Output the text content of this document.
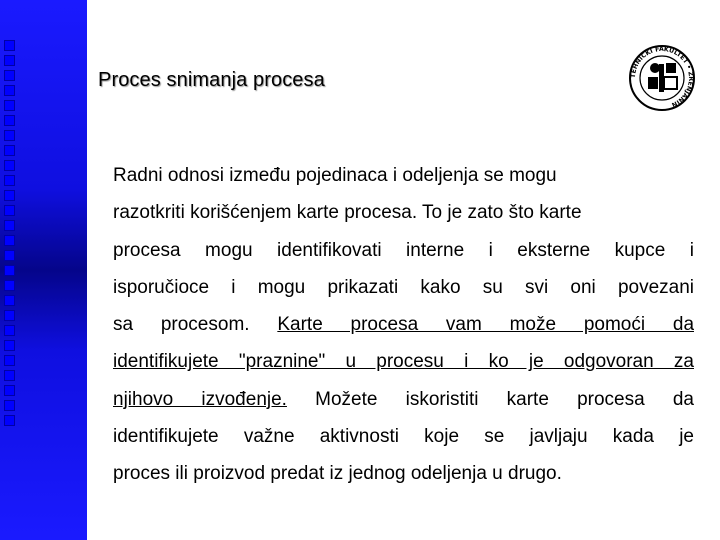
Proces snimanja procesa	TEHNIČKI FAKULTET • ZRENJANIN
Radni odnosi između pojedinaca i odeljenja se mogu
razotkriti korišćenjem karte procesa. To je zato što karte
procesa mogu identifikovati interne i eksterne kupce i
isporučioce i mogu prikazati kako su svi oni povezani
sa procesom. Karte procesa vam može pomoći da
identifikujete "praznine" u procesu i ko je odgovoran za
njihovo izvođenje. Možete iskoristiti karte procesa da
identifikujete važne aktivnosti koje se javljaju kada je
proces ili proizvod predat iz jednog odeljenja u drugo.
